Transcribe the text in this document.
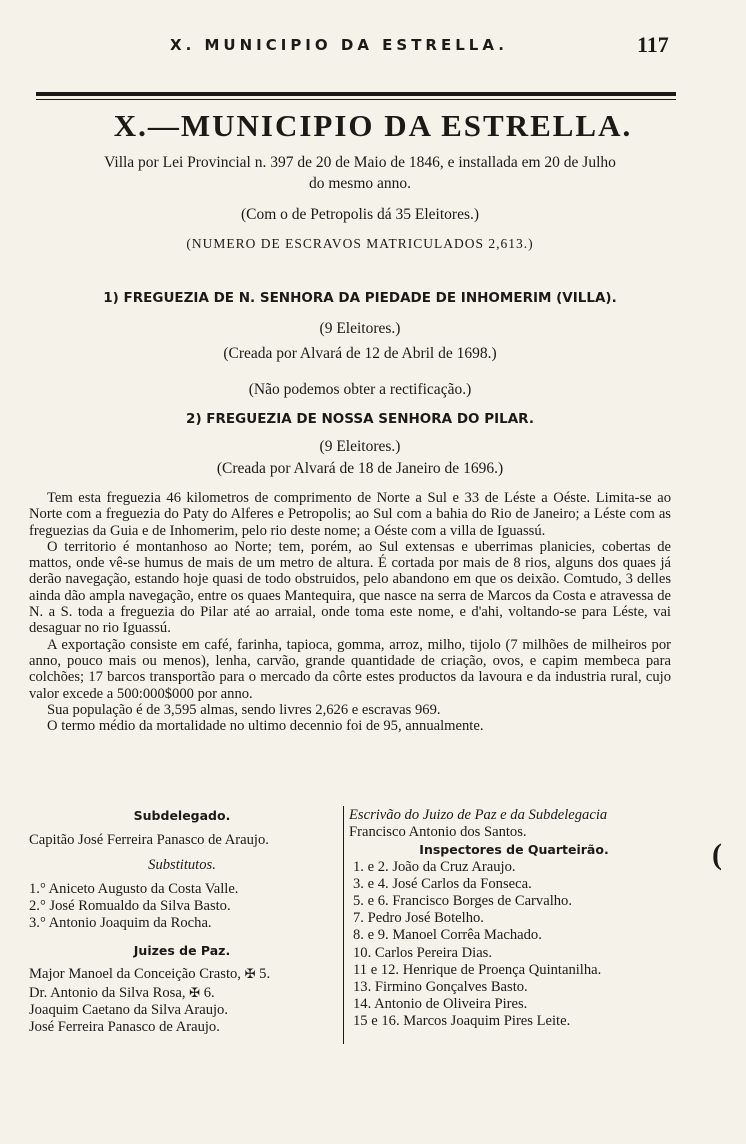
X. MUNICIPIO DA ESTRELLA.	117
X.—MUNICIPIO DA ESTRELLA.
Villa por Lei Provincial n. 397 de 20 de Maio de 1846, e installada em 20 de Julho
do mesmo anno.
(Com o de Petropolis dá 35 Eleitores.)
(NUMERO DE ESCRAVOS MATRICULADOS 2,613.)
1) FREGUEZIA DE N. SENHORA DA PIEDADE DE INHOMERIM (VILLA).
(9 Eleitores.)
(Creada por Alvará de 12 de Abril de 1698.)
(Não podemos obter a rectificação.)
2) FREGUEZIA DE NOSSA SENHORA DO PILAR.
(9 Eleitores.)
(Creada por Alvará de 18 de Janeiro de 1696.)

Tem esta freguezia 46 kilometros de comprimento de Norte a Sul e 33 de Léste a Oéste. Limita-se ao Norte com a freguezia do Paty do Alferes e Petropolis; ao Sul com a bahia do Rio de Janeiro; a Léste com as freguezias da Guia e de Inhomerim, pelo rio deste nome; a Oéste com a villa de Iguassú.

O territorio é montanhoso ao Norte; tem, porém, ao Sul extensas e uberrimas planicies, cobertas de mattos, onde vê-se humus de mais de um metro de altura. É cortada por mais de 8 rios, alguns dos quaes já derão navegação, estando hoje quasi de todo obstruidos, pelo abandono em que os deixão. Comtudo, 3 delles ainda dão ampla navegação, entre os quaes Mantequira, que nasce na serra de Marcos da Costa e atravessa de N. a S. toda a freguezia do Pilar até ao arraial, onde toma este nome, e d'ahi, voltando-se para Léste, vai desaguar no rio Iguassú.

A exportação consiste em café, farinha, tapioca, gomma, arroz, milho, tijolo (7 milhões de milheiros por anno, pouco mais ou menos), lenha, carvão, grande quantidade de criação, ovos, e capim membeca para colchões; 17 barcos transportão para o mercado da côrte estes productos da lavoura e da industria rural, cujo valor excede a 500:000$000 por anno.

Sua população é de 3,595 almas, sendo livres 2,626 e escravas 969.

O termo médio da mortalidade no ultimo decennio foi de 95, annualmente.

Subdelegado.
Capitão José Ferreira Panasco de Araujo.
Substitutos.
1.° Aniceto Augusto da Costa Valle.
2.° José Romualdo da Silva Basto.
3.° Antonio Joaquim da Rocha.
Juizes de Paz.
Major Manoel da Conceição Crasto, ✠ 5.
Dr. Antonio da Silva Rosa, ✠ 6.
Joaquim Caetano da Silva Araujo.
José Ferreira Panasco de Araujo.
Escrivão do Juizo de Paz e da Subdelegacia
Francisco Antonio dos Santos.
Inspectores de Quarteirão.
1. e 2. João da Cruz Araujo.
3. e 4. José Carlos da Fonseca.
5. e 6. Francisco Borges de Carvalho.
7. Pedro José Botelho.
8. e 9. Manoel Corrêa Machado.
10. Carlos Pereira Dias.
11 e 12. Henrique de Proença Quintanilha.
13. Firmino Gonçalves Basto.
14. Antonio de Oliveira Pires.
15 e 16. Marcos Joaquim Pires Leite.
(
